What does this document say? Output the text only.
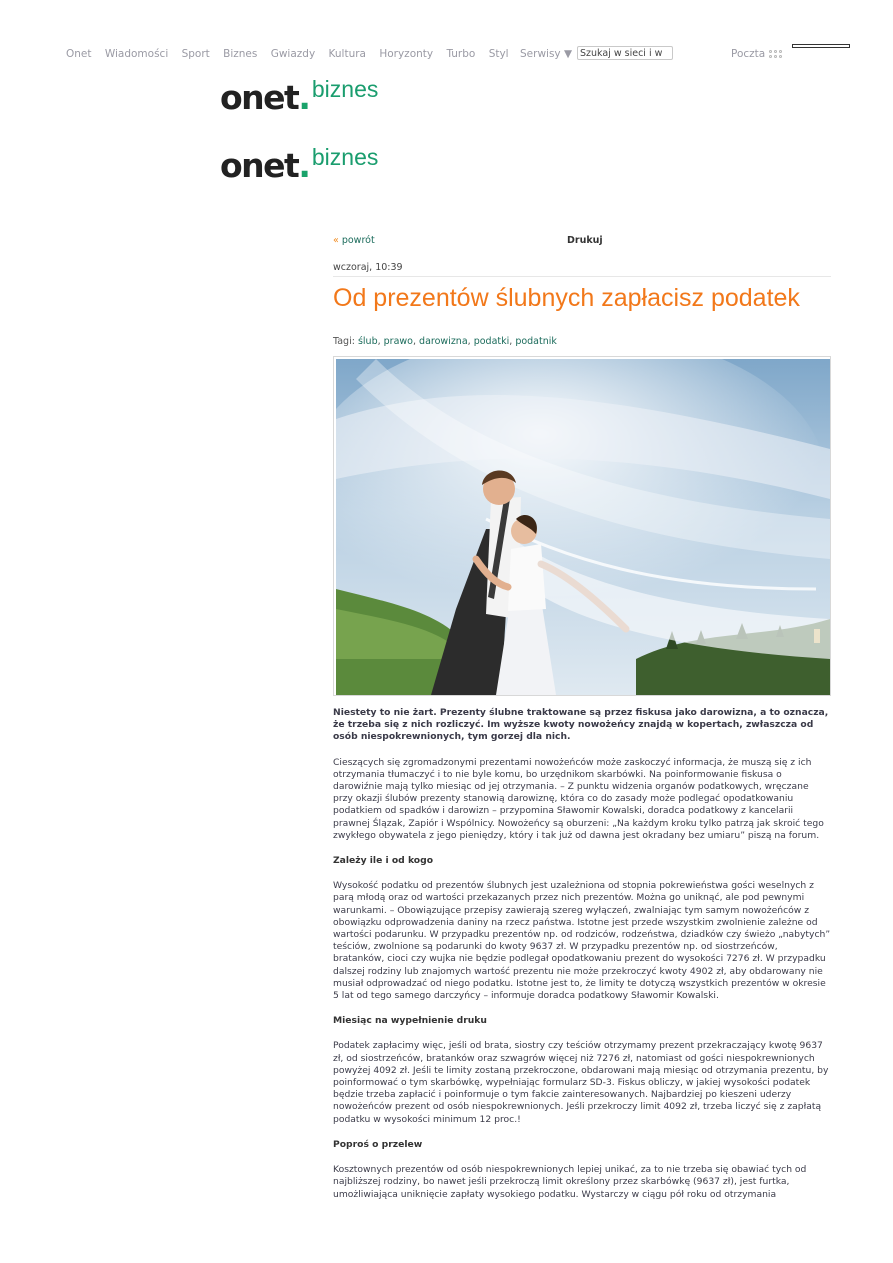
Onet Wiadomości Sport Biznes Gwiazdy Kultura Horyzonty Turbo Styl	Serwisy ▼ Szukaj w sieci i w	Poczta
onet.biznes
onet.biznes
« powrót	Drukuj
wczoraj, 10:39
Od prezentów ślubnych zapłacisz podatek
Tagi: ślub, prawo, darowizna, podatki, podatnik

Niestety to nie żart. Prezenty ślubne traktowane są przez fiskusa jako darowizna, a to oznacza, że trzeba się z nich rozliczyć. Im wyższe kwoty nowożeńcy znajdą w kopertach, zwłaszcza od osób niespokrewnionych, tym gorzej dla nich.

Cieszących się zgromadzonymi prezentami nowożeńców może zaskoczyć informacja, że muszą się z ich otrzymania tłumaczyć i to nie byle komu, bo urzędnikom skarbówki. Na poinformowanie fiskusa o darowiźnie mają tylko miesiąc od jej otrzymania. – Z punktu widzenia organów podatkowych, wręczane przy okazji ślubów prezenty stanowią darowiznę, która co do zasady może podlegać opodatkowaniu podatkiem od spadków i darowizn – przypomina Sławomir Kowalski, doradca podatkowy z kancelarii prawnej Ślązak, Zapiór i Wspólnicy. Nowożeńcy są oburzeni: „Na każdym kroku tylko patrzą jak skroić tego zwykłego obywatela z jego pieniędzy, który i tak już od dawna jest okradany bez umiaru” piszą na forum.

Zależy ile i od kogo

Wysokość podatku od prezentów ślubnych jest uzależniona od stopnia pokrewieństwa gości weselnych z parą młodą oraz od wartości przekazanych przez nich prezentów. Można go uniknąć, ale pod pewnymi warunkami. – Obowiązujące przepisy zawierają szereg wyłączeń, zwalniając tym samym nowożeńców z obowiązku odprowadzenia daniny na rzecz państwa. Istotne jest przede wszystkim zwolnienie zależne od wartości podarunku. W przypadku prezentów np. od rodziców, rodzeństwa, dziadków czy świeżo „nabytych” teściów, zwolnione są podarunki do kwoty 9637 zł. W przypadku prezentów np. od siostrzeńców, bratanków, cioci czy wujka nie będzie podlegał opodatkowaniu prezent do wysokości 7276 zł. W przypadku dalszej rodziny lub znajomych wartość prezentu nie może przekroczyć kwoty 4902 zł, aby obdarowany nie musiał odprowadzać od niego podatku. Istotne jest to, że limity te dotyczą wszystkich prezentów w okresie 5 lat od tego samego darczyńcy – informuje doradca podatkowy Sławomir Kowalski.

Miesiąc na wypełnienie druku

Podatek zapłacimy więc, jeśli od brata, siostry czy teściów otrzymamy prezent przekraczający kwotę 9637 zł, od siostrzeńców, bratanków oraz szwagrów więcej niż 7276 zł, natomiast od gości niespokrewnionych powyżej 4092 zł. Jeśli te limity zostaną przekroczone, obdarowani mają miesiąc od otrzymania prezentu, by poinformować o tym skarbówkę, wypełniając formularz SD-3. Fiskus obliczy, w jakiej wysokości podatek będzie trzeba zapłacić i poinformuje o tym fakcie zainteresowanych. Najbardziej po kieszeni uderzy nowożeńców prezent od osób niespokrewnionych. Jeśli przekroczy limit 4092 zł, trzeba liczyć się z zapłatą podatku w wysokości minimum 12 proc.!

Poproś o przelew

Kosztownych prezentów od osób niespokrewnionych lepiej unikać, za to nie trzeba się obawiać tych od najbliższej rodziny, bo nawet jeśli przekroczą limit określony przez skarbówkę (9637 zł), jest furtka, umożliwiająca uniknięcie zapłaty wysokiego podatku. Wystarczy w ciągu pół roku od otrzymania
